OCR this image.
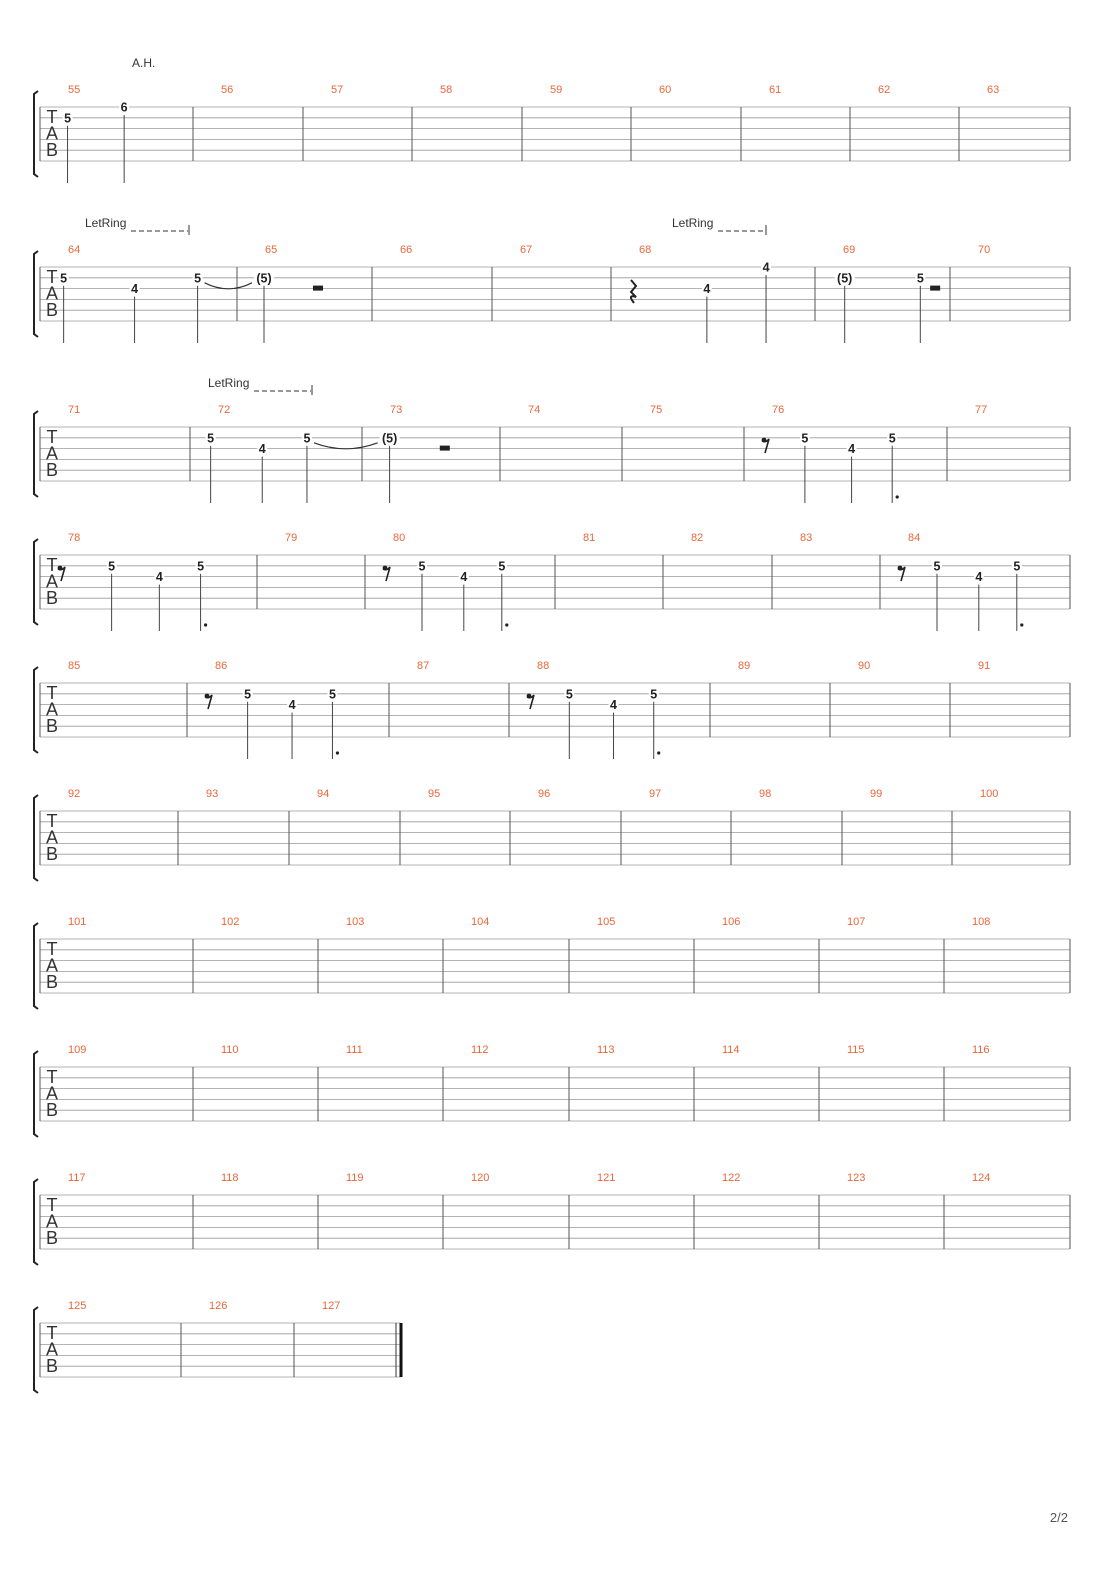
T
A
B
55	56	57	58	59	60	61	62	63
5
6
A.H.
T
A
B
64	65	66	67	68	69	70
5
4
5	(5)
4
4
5
(5)
LetRing	LetRing
T
A
B
71	72	73	74	75	76	77
5
4
5	(5)	5
4
5
LetRing
T
A
B
78	79	80	81	82	83	84
5
4
5	5
4
5	5
4
5
T
A
B
85	86	87	88	89	90	91
5
4
5	5
4
5
T
A
B
92	93	94	95	96	97	98	99	100
T
A
B
101	102	103	104	105	106	107	108
T
A
B
109	110	111	112	113	114	115	116
T
A
B
117	118	119	120	121	122	123	124
T
A
B
125	126	127
2/2
